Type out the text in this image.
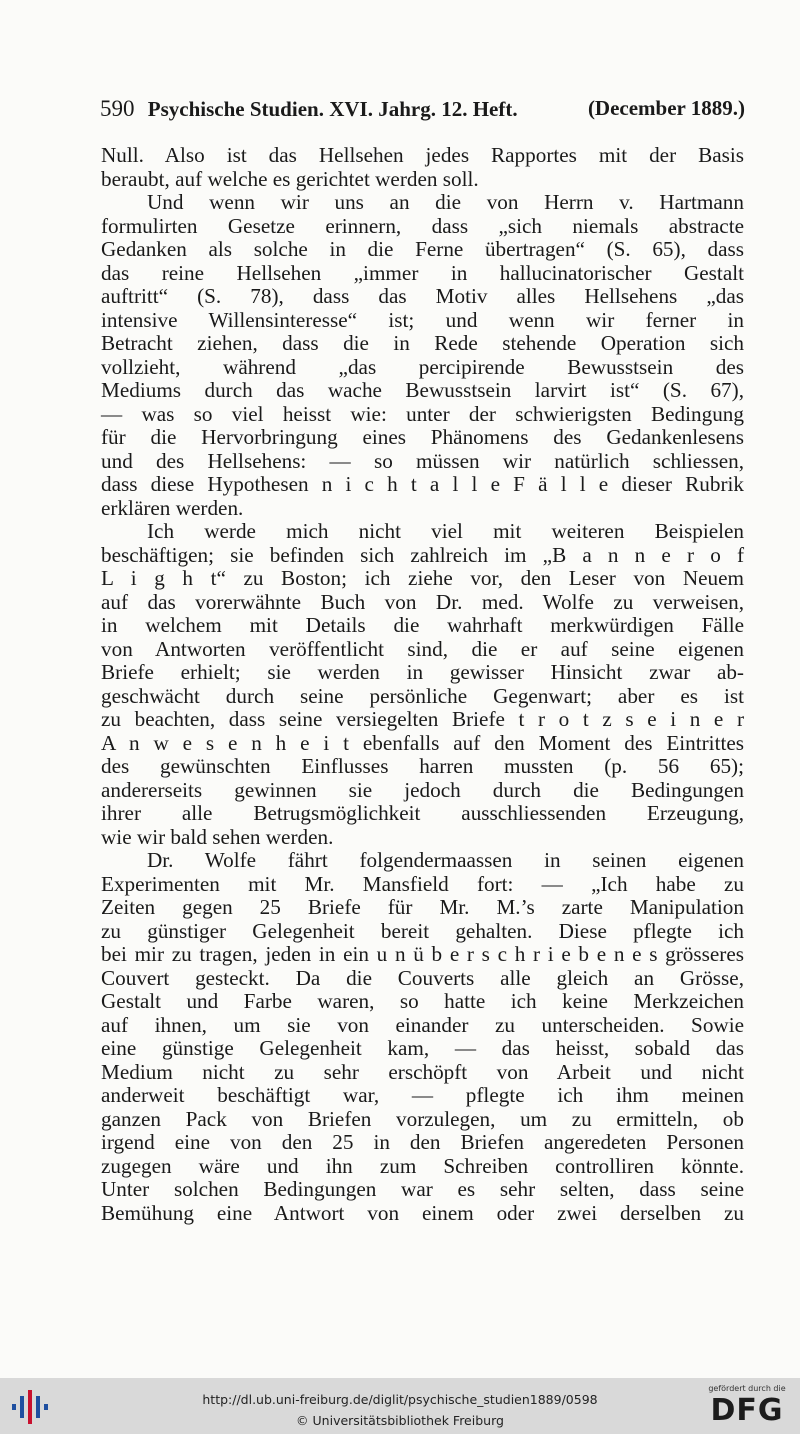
590 Psychische Studien. XVI. Jahrg. 12. Heft.	(December 1889.)
Null. Also ist das Hellsehen jedes Rapportes mit der Basis
beraubt, auf welche es gerichtet werden soll.
Und wenn wir uns an die von Herrn v. Hartmann
formulirten Gesetze erinnern, dass „sich niemals abstracte
Gedanken als solche in die Ferne übertragen“ (S. 65), dass
das reine Hellsehen „immer in hallucinatorischer Gestalt
auftritt“ (S. 78), dass das Motiv alles Hellsehens „das
intensive Willensinteresse“ ist; und wenn wir ferner in
Betracht ziehen, dass die in Rede stehende Operation sich
vollzieht, während „das percipirende Bewusstsein des
Mediums durch das wache Bewusstsein larvirt ist“ (S. 67),
— was so viel heisst wie: unter der schwierigsten Bedingung
für die Hervorbringung eines Phänomens des Gedankenlesens
und des Hellsehens: — so müssen wir natürlich schliessen,
dass diese Hypothesen n i c h t a l l e F ä l l e dieser Rubrik
erklären werden.
Ich werde mich nicht viel mit weiteren Beispielen
beschäftigen; sie befinden sich zahlreich im „B a n n e r o f
L i g h t“ zu Boston; ich ziehe vor, den Leser von Neuem
auf das vorerwähnte Buch von Dr. med. Wolfe zu verweisen,
in welchem mit Details die wahrhaft merkwürdigen Fälle
von Antworten veröffentlicht sind, die er auf seine eigenen
Briefe erhielt; sie werden in gewisser Hinsicht zwar ab-
geschwächt durch seine persönliche Gegenwart; aber es ist
zu beachten, dass seine versiegelten Briefe t r o t z s e i n e r
A n w e s e n h e i t ebenfalls auf den Moment des Eintrittes
des gewünschten Einflusses harren mussten (p. 56 65);
andererseits gewinnen sie jedoch durch die Bedingungen
ihrer alle Betrugsmöglichkeit ausschliessenden Erzeugung,
wie wir bald sehen werden.
Dr. Wolfe fährt folgendermaassen in seinen eigenen
Experimenten mit Mr. Mansfield fort: — „Ich habe zu
Zeiten gegen 25 Briefe für Mr. M.’s zarte Manipulation
zu günstiger Gelegenheit bereit gehalten. Diese pflegte ich
bei mir zu tragen, jeden in ein u n ü b e r s c h r i e b e n e s grösseres
Couvert gesteckt. Da die Couverts alle gleich an Grösse,
Gestalt und Farbe waren, so hatte ich keine Merkzeichen
auf ihnen, um sie von einander zu unterscheiden. Sowie
eine günstige Gelegenheit kam, — das heisst, sobald das
Medium nicht zu sehr erschöpft von Arbeit und nicht
anderweit beschäftigt war, — pflegte ich ihm meinen
ganzen Pack von Briefen vorzulegen, um zu ermitteln, ob
irgend eine von den 25 in den Briefen angeredeten Personen
zugegen wäre und ihn zum Schreiben controlliren könnte.
Unter solchen Bedingungen war es sehr selten, dass seine
Bemühung eine Antwort von einem oder zwei derselben zu
http://dl.ub.uni-freiburg.de/diglit/psychische_studien1889/0598
© Universitätsbibliothek Freiburg
gefördert durch die
DFG
